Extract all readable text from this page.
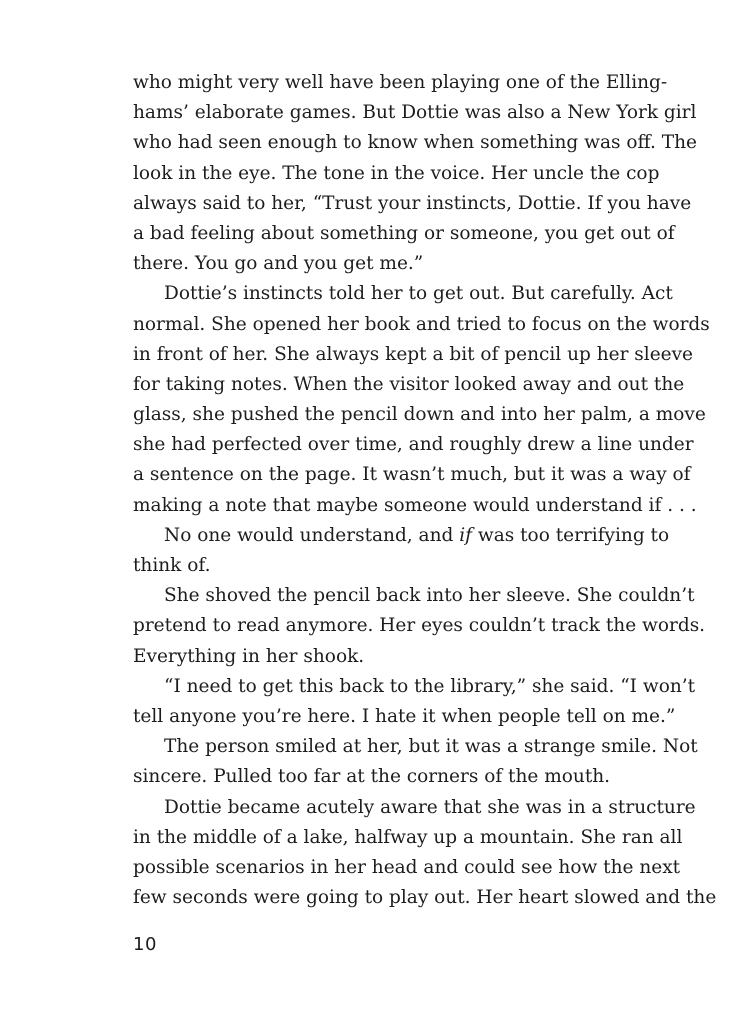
who might very well have been playing one of the Elling-
hams’ elaborate games. But Dottie was also a New York girl
who had seen enough to know when something was off. The
look in the eye. The tone in the voice. Her uncle the cop
always said to her, “Trust your instincts, Dottie. If you have
a bad feeling about something or someone, you get out of
there. You go and you get me.”
Dottie’s instincts told her to get out. But carefully. Act
normal. She opened her book and tried to focus on the words
in front of her. She always kept a bit of pencil up her sleeve
for taking notes. When the visitor looked away and out the
glass, she pushed the pencil down and into her palm, a move
she had perfected over time, and roughly drew a line under
a sentence on the page. It wasn’t much, but it was a way of
making a note that maybe someone would understand if . . .
No one would understand, and if was too terrifying to
think of.
She shoved the pencil back into her sleeve. She couldn’t
pretend to read anymore. Her eyes couldn’t track the words.
Everything in her shook.
“I need to get this back to the library,” she said. “I won’t
tell anyone you’re here. I hate it when people tell on me.”
The person smiled at her, but it was a strange smile. Not
sincere. Pulled too far at the corners of the mouth.
Dottie became acutely aware that she was in a structure
in the middle of a lake, halfway up a mountain. She ran all
possible scenarios in her head and could see how the next
few seconds were going to play out. Her heart slowed and the
10
